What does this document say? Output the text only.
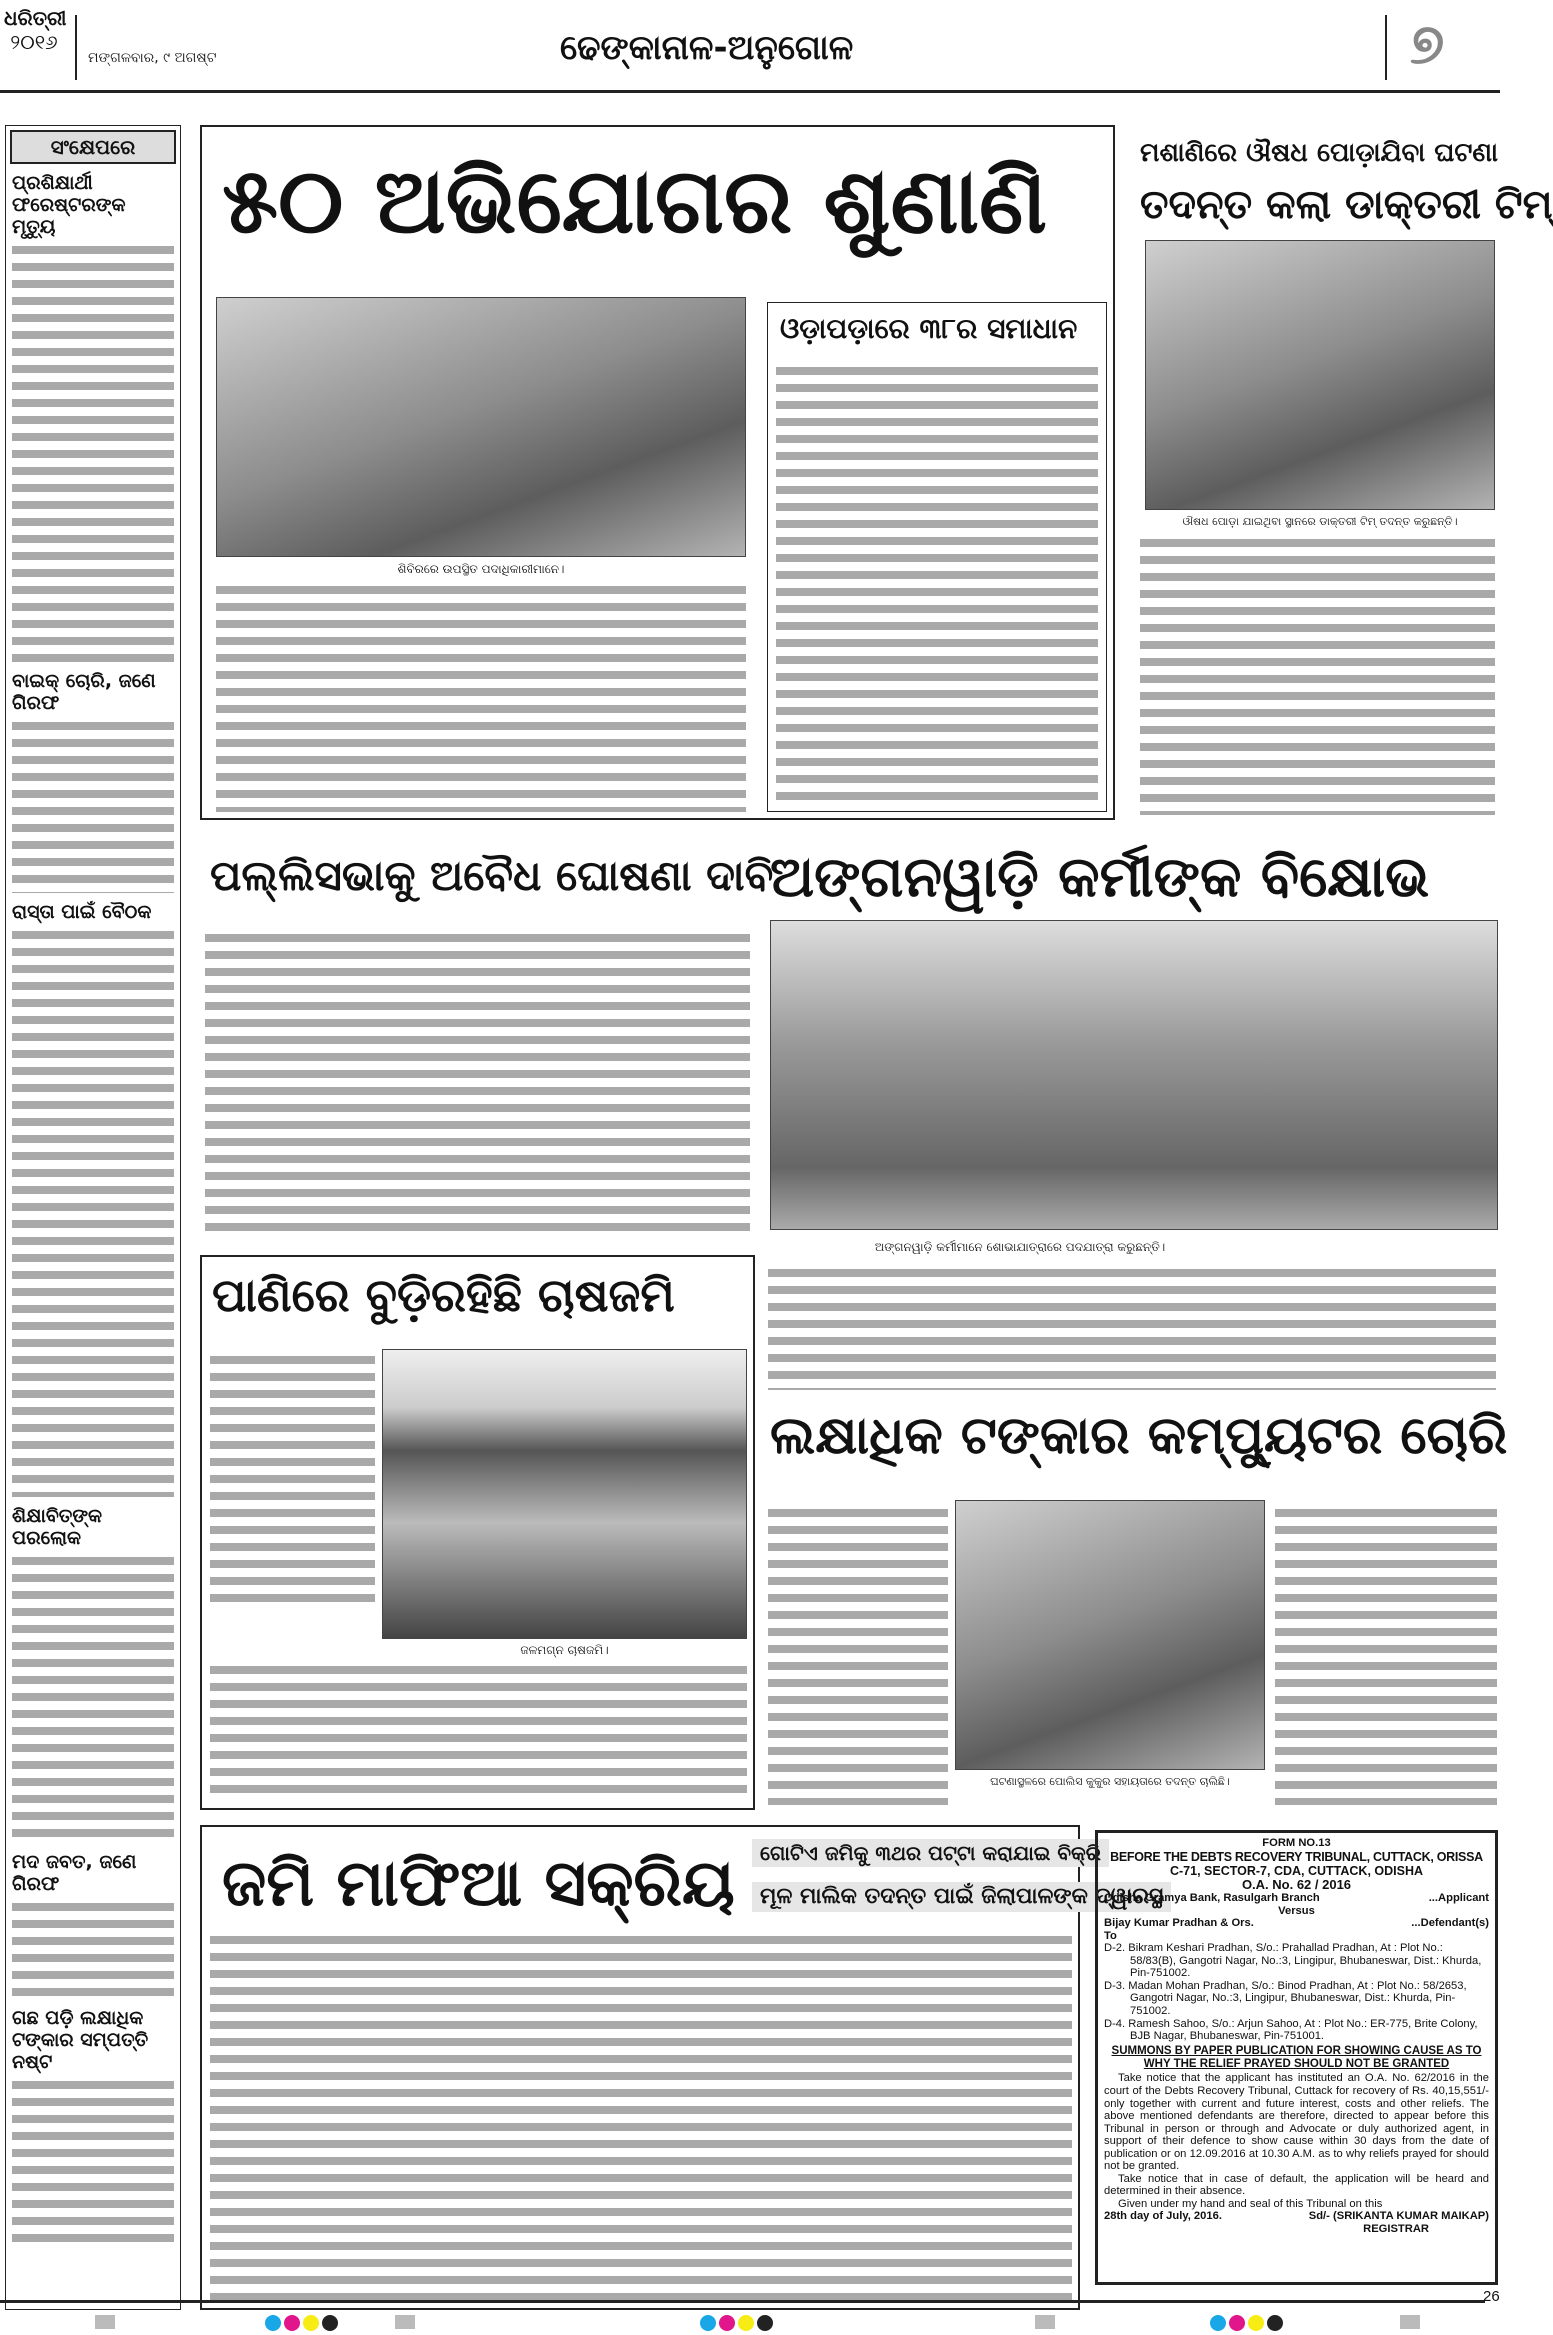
ଧରିତ୍ରୀ
୨୦୧୬
ମଙ୍ଗଳବାର, ୯ ଅଗଷ୍ଟ	ଢେଙ୍କାନାଳ-ଅନୁଗୋଳ	୭
ସଂକ୍ଷେପରେ
ପ୍ରଶିକ୍ଷାର୍ଥୀ ଫରେଷ୍ଟରଙ୍କ ମୃତ୍ୟୁ
ବାଇକ୍ ଚୋରି, ଜଣେ ଗିରଫ
ରାସ୍ତା ପାଇଁ ବୈଠକ
ଶିକ୍ଷାବିତ୍‌ଙ୍କ ପରଲୋକ
ମଦ ଜବତ, ଜଣେ ଗିରଫ
ଗଛ ପଡ଼ି ଲକ୍ଷାଧିକ ଟଙ୍କାର ସମ୍ପତ୍ତି ନଷ୍ଟ
୫୦ ଅଭିଯୋଗର ଶୁଣାଣି
ଶିବିରରେ ଉପସ୍ଥିତ ପଦାଧିକାରୀମାନେ।
ଓଡ଼ାପଡ଼ାରେ ୩୮ର ସମାଧାନ
ମଶାଣିରେ ଔଷଧ ପୋଡ଼ାଯିବା ଘଟଣା
ତଦନ୍ତ କଲା ଡାକ୍ତରୀ ଟିମ୍
ଔଷଧ ପୋଡ଼ା ଯାଇଥିବା ସ୍ଥାନରେ ଡାକ୍ତରୀ ଟିମ୍ ତଦନ୍ତ କରୁଛନ୍ତି।
ପଲ୍ଲିସଭାକୁ ଅବୈଧ ଘୋଷଣା ଦାବି
ଅଙ୍ଗନୱାଡ଼ି କର୍ମୀଙ୍କ ବିକ୍ଷୋଭ
ଅଙ୍ଗନୱାଡ଼ି କର୍ମୀମାନେ ଶୋଭାଯାତ୍ରାରେ ପଦଯାତ୍ରା କରୁଛନ୍ତି।
ପାଣିରେ ବୁଡ଼ିରହିଛି ଚାଷଜମି
ଜଳମଗ୍ନ ଚାଷଜମି।
ଲକ୍ଷାଧିକ ଟଙ୍କାର କମ୍ପ୍ୟୁଟର ଚୋରି
ଘଟଣାସ୍ଥଳରେ ପୋଲିସ କୁକୁର ସହାୟତାରେ ତଦନ୍ତ ଚାଲିଛି।
ଜମି ମାଫିଆ ସକ୍ରିୟ	ଗୋଟିଏ ଜମିକୁ ୩ଥର ପଟ୍ଟା କରାଯାଇ ବିକ୍ରି
ମୂଳ ମାଲିକ ତଦନ୍ତ ପାଇଁ ଜିଲାପାଳଙ୍କ ଦ୍ୱାରସ୍ଥ
FORM NO.13
BEFORE THE DEBTS RECOVERY TRIBUNAL, CUTTACK, ORISSA
C-71, SECTOR-7, CDA, CUTTACK, ODISHA
O.A. No. 62 / 2016
Odisha Gramya Bank, Rasulgarh Branch	...Applicant
Versus
Bijay Kumar Pradhan & Ors.	...Defendant(s)
To
D-2. Bikram Keshari Pradhan, S/o.: Prahallad Pradhan, At : Plot No.: 58/83(B), Gangotri Nagar, No.:3, Lingipur, Bhubaneswar, Dist.: Khurda, Pin-751002.
D-3. Madan Mohan Pradhan, S/o.: Binod Pradhan, At : Plot No.: 58/2653, Gangotri Nagar, No.:3, Lingipur, Bhubaneswar, Dist.: Khurda, Pin-751002.
D-4. Ramesh Sahoo, S/o.: Arjun Sahoo, At : Plot No.: ER-775, Brite Colony, BJB Nagar, Bhubaneswar, Pin-751001.
SUMMONS BY PAPER PUBLICATION FOR SHOWING CAUSE AS TO WHY THE RELIEF PRAYED SHOULD NOT BE GRANTED
Take notice that the applicant has instituted an O.A. No. 62/2016 in the court of the Debts Recovery Tribunal, Cuttack for recovery of Rs. 40,15,551/- only together with current and future interest, costs and other reliefs. The above mentioned defendants are therefore, directed to appear before this Tribunal in person or through and Advocate or duly authorized agent, in support of their defence to show cause within 30 days from the date of publication or on 12.09.2016 at 10.30 A.M. as to why reliefs prayed for should not be granted.
Take notice that in case of default, the application will be heard and determined in their absence.
Given under my hand and seal of this Tribunal on this
28th day of July, 2016.	Sd/- (SRIKANTA KUMAR MAIKAP)
REGISTRAR
26
